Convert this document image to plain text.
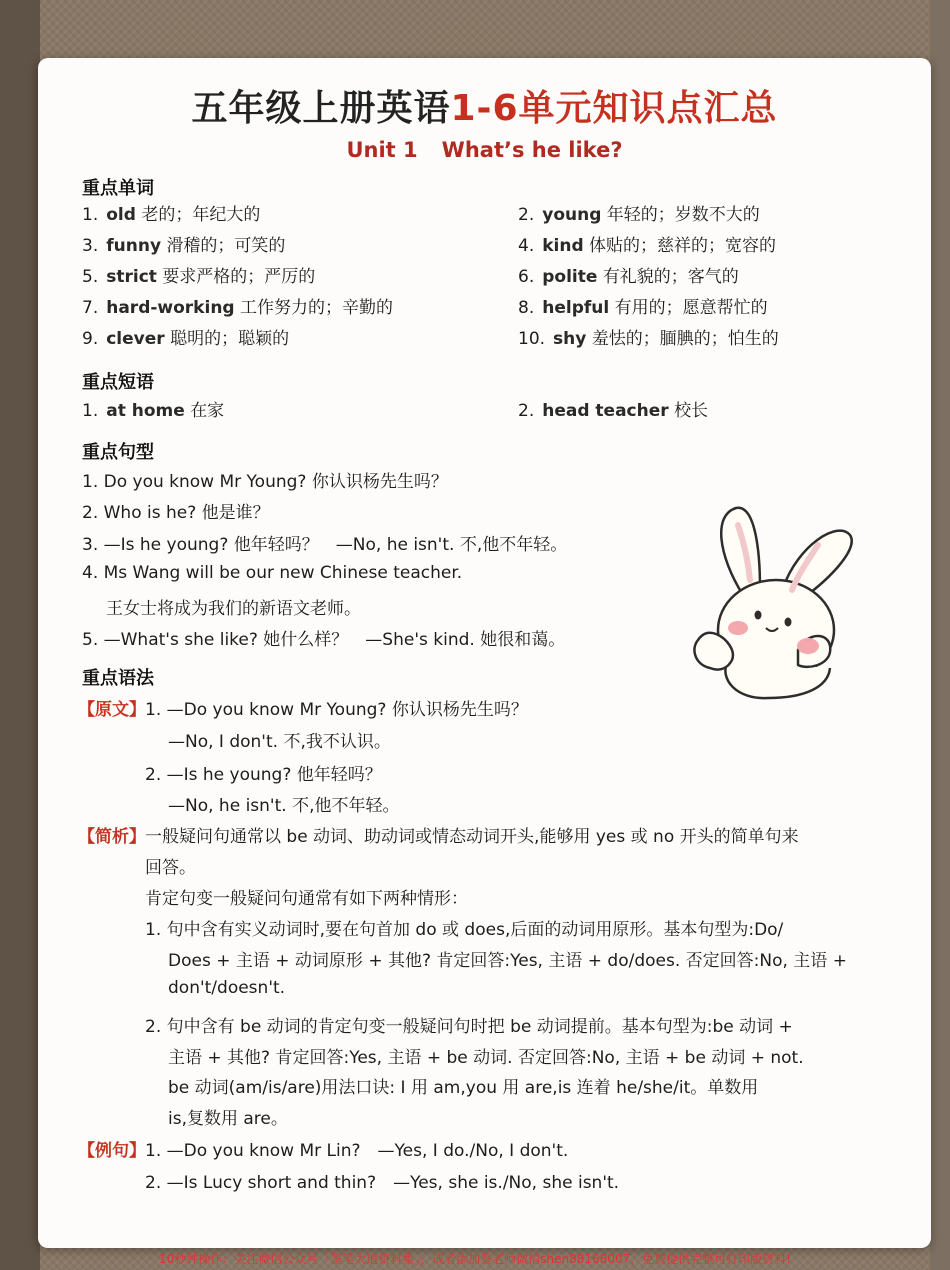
五年级上册英语1-6单元知识点汇总
Unit 1 What’s he like?
重点单词
1. old 老的；年纪大的	2. young 年轻的；岁数不大的
3. funny 滑稽的；可笑的	4. kind 体贴的；慈祥的；宽容的
5. strict 要求严格的；严厉的	6. polite 有礼貌的；客气的
7. hard-working 工作努力的；辛勤的	8. helpful 有用的；愿意帮忙的
9. clever 聪明的；聪颖的	10. shy 羞怯的；腼腆的；怕生的
重点短语
1. at home 在家	2. head teacher 校长
重点句型
1. Do you know Mr Young? 你认识杨先生吗？
2. Who is he? 他是谁？
3. —Is he young? 他年轻吗？　—No, he isn't. 不,他不年轻。
4. Ms Wang will be our new Chinese teacher.
王女士将成为我们的新语文老师。
5. —What's she like? 她什么样？　—She's kind. 她很和蔼。
重点语法
【原文】 1. —Do you know Mr Young? 你认识杨先生吗？
—No, I don't. 不,我不认识。
2. —Is he young? 他年轻吗？
—No, he isn't. 不,他不年轻。
【简析】 一般疑问句通常以 be 动词、助动词或情态动词开头,能够用 yes 或 no 开头的简单句来
回答。
肯定句变一般疑问句通常有如下两种情形：
1. 句中含有实义动词时,要在句首加 do 或 does,后面的动词用原形。基本句型为:Do/
Does + 主语 + 动词原形 + 其他? 肯定回答:Yes, 主语 + do/does. 否定回答:No, 主语 +
don't/doesn't.
2. 句中含有 be 动词的肯定句变一般疑问句时把 be 动词提前。基本句型为:be 动词 +
主语 + 其他? 肯定回答:Yes, 主语 + be 动词. 否定回答:No, 主语 + be 动词 + not.
be 动词(am/is/are)用法口诀: I 用 am,you 用 are,is 连着 he/she/it。单数用
is,复数用 are。
【例句】 1. —Do you know Mr Lin?　—Yes, I do./No, I don't.
2. —Is Lucy short and thin?　—Yes, she is./No, she isn't.
10秒钟操作：关注微信公众号「鉴笔大道资料集」，或者添加鉴老师微信shen88168007，免费提供完整可打印版资料!
